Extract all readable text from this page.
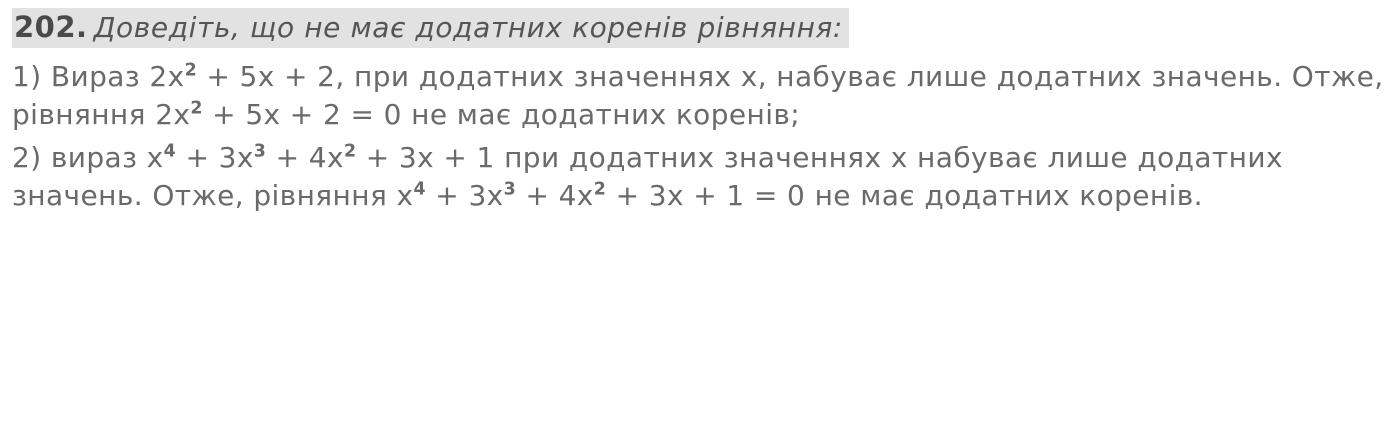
202. Доведіть, що не має додатних коренів рівняння:

1) Вираз $2x^2 + 5x + 2$, при додатних значеннях x, набуває лише додатних значень. Отже, рівняння $2x^2 + 5x + 2 = 0$ не має додатних коренів;

2) вираз $x^4 + 3x^3 + 4x^2 + 3x + 1$ при додатних значеннях x набуває лише додатних значень. Отже, рівняння $x^4 + 3x^3 + 4x^2 + 3x + 1 = 0$ не має додатних коренів.
